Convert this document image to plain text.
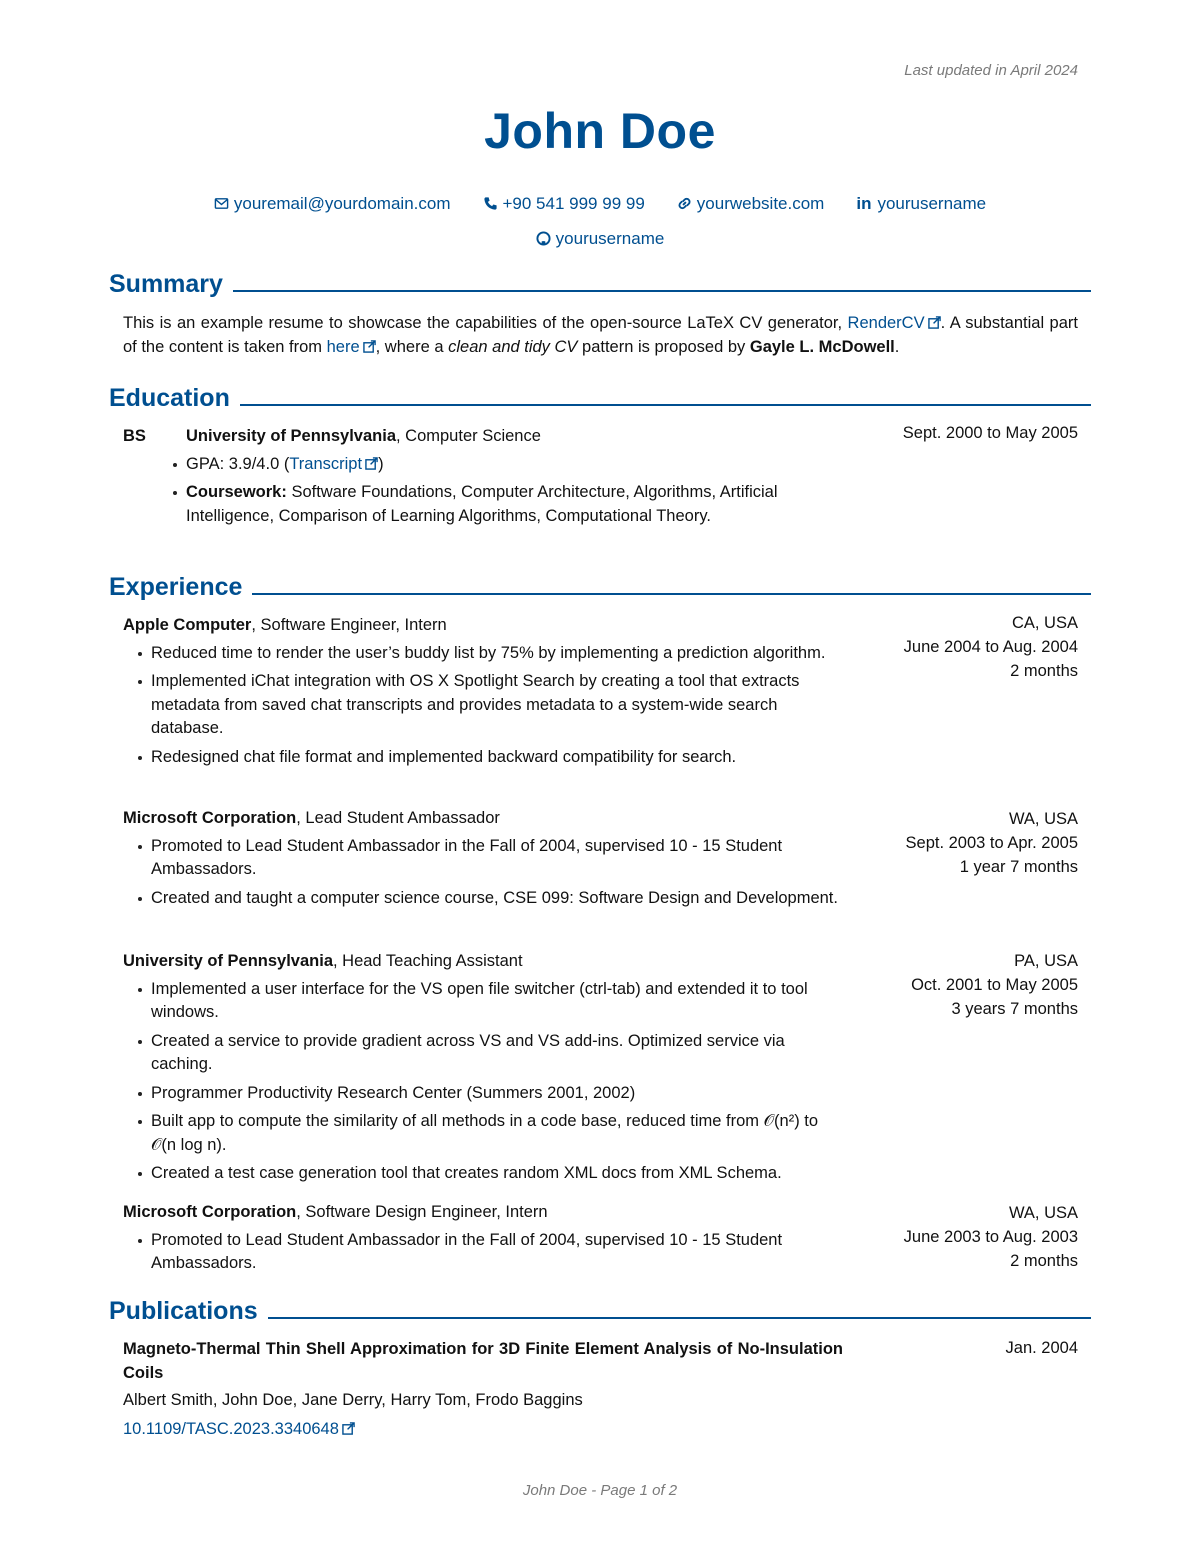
Last updated in April 2024
John Doe
youremail@yourdomain.com	+90 541 999 99 99	yourwebsite.com in yourusername
yourusername
Summary
This is an example resume to showcase the capabilities of the open-source LaTeX CV generator, RenderCV . A substantial part of the content is taken from here , where a clean and tidy CV pattern is proposed by Gayle L. McDowell.
Education
BS University of Pennsylvania, Computer Science
GPA: 3.9/4.0 (Transcript )
Coursework: Software Foundations, Computer Architecture, Algorithms, Artificial Intelligence, Comparison of Learning Algorithms, Computational Theory.
Sept. 2000 to May 2005
Experience
Apple Computer, Software Engineer, Intern
Reduced time to render the user’s buddy list by 75% by implementing a prediction algorithm.
Implemented iChat integration with OS X Spotlight Search by creating a tool that extracts metadata from saved chat transcripts and provides metadata to a system-wide search database.
Redesigned chat file format and implemented backward compatibility for search.
CA, USA
June 2004 to Aug. 2004
2 months
Microsoft Corporation, Lead Student Ambassador
Promoted to Lead Student Ambassador in the Fall of 2004, supervised 10 - 15 Student Ambassadors.
Created and taught a computer science course, CSE 099: Software Design and Development.
WA, USA
Sept. 2003 to Apr. 2005
1 year 7 months
University of Pennsylvania, Head Teaching Assistant
Implemented a user interface for the VS open file switcher (ctrl-tab) and extended it to tool windows.
Created a service to provide gradient across VS and VS add-ins. Optimized service via caching.
Programmer Productivity Research Center (Summers 2001, 2002)
Built app to compute the similarity of all methods in a code base, reduced time from 𝒪(n²) to 𝒪(n log n).
Created a test case generation tool that creates random XML docs from XML Schema.
PA, USA
Oct. 2001 to May 2005
3 years 7 months
Microsoft Corporation, Software Design Engineer, Intern
Promoted to Lead Student Ambassador in the Fall of 2004, supervised 10 - 15 Student Ambassadors.
WA, USA
June 2003 to Aug. 2003
2 months
Publications
Magneto-Thermal Thin Shell Approximation for 3D Finite Element Analysis of No-Insulation Coils
Albert Smith, John Doe, Jane Derry, Harry Tom, Frodo Baggins
10.1109/TASC.2023.3340648
Jan. 2004
John Doe - Page 1 of 2
